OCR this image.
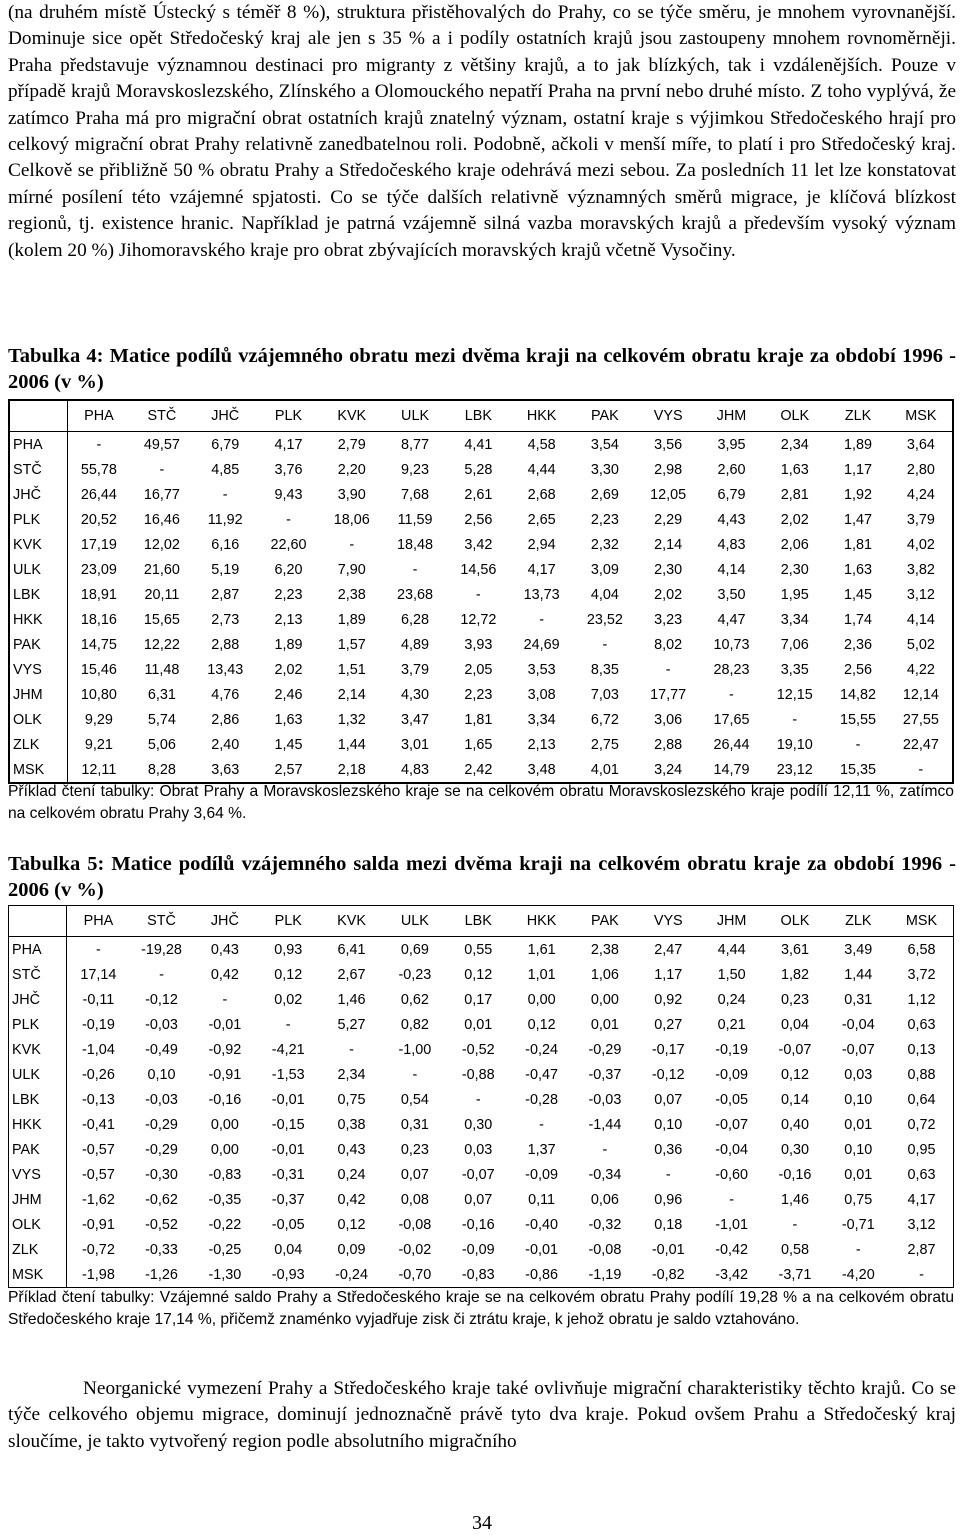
(na druhém místě Ústecký s téměř 8 %), struktura přistěhovalých do Prahy, co se týče směru, je mnohem vyrovnanější. Dominuje sice opět Středočeský kraj ale jen s 35 % a i podíly ostatních krajů jsou zastoupeny mnohem rovnoměrněji. Praha představuje významnou destinaci pro migranty z většiny krajů, a to jak blízkých, tak i vzdálenějších. Pouze v případě krajů Moravskoslezského, Zlínského a Olomouckého nepatří Praha na první nebo druhé místo. Z toho vyplývá, že zatímco Praha má pro migrační obrat ostatních krajů znatelný význam, ostatní kraje s výjimkou Středočeského hrají pro celkový migrační obrat Prahy relativně zanedbatelnou roli. Podobně, ačkoli v menší míře, to platí i pro Středočeský kraj. Celkově se přibližně 50 % obratu Prahy a Středočeského kraje odehrává mezi sebou. Za posledních 11 let lze konstatovat mírné posílení této vzájemné spjatosti. Co se týče dalších relativně významných směrů migrace, je klíčová blízkost regionů, tj. existence hranic. Například je patrná vzájemně silná vazba moravských krajů a především vysoký význam (kolem 20 %) Jihomoravského kraje pro obrat zbývajících moravských krajů včetně Vysočiny.

Tabulka 4: Matice podílů vzájemného obratu mezi dvěma kraji na celkovém obratu kraje za období 1996 - 2006 (v %)

	PHA	STČ	JHČ	PLK	KVK	ULK	LBK	HKK	PAK	VYS	JHM	OLK	ZLK	MSK
PHA	-	49,57	6,79	4,17	2,79	8,77	4,41	4,58	3,54	3,56	3,95	2,34	1,89	3,64
STČ	55,78	-	4,85	3,76	2,20	9,23	5,28	4,44	3,30	2,98	2,60	1,63	1,17	2,80
JHČ	26,44	16,77	-	9,43	3,90	7,68	2,61	2,68	2,69	12,05	6,79	2,81	1,92	4,24
PLK	20,52	16,46	11,92	-	18,06	11,59	2,56	2,65	2,23	2,29	4,43	2,02	1,47	3,79
KVK	17,19	12,02	6,16	22,60	-	18,48	3,42	2,94	2,32	2,14	4,83	2,06	1,81	4,02
ULK	23,09	21,60	5,19	6,20	7,90	-	14,56	4,17	3,09	2,30	4,14	2,30	1,63	3,82
LBK	18,91	20,11	2,87	2,23	2,38	23,68	-	13,73	4,04	2,02	3,50	1,95	1,45	3,12
HKK	18,16	15,65	2,73	2,13	1,89	6,28	12,72	-	23,52	3,23	4,47	3,34	1,74	4,14
PAK	14,75	12,22	2,88	1,89	1,57	4,89	3,93	24,69	-	8,02	10,73	7,06	2,36	5,02
VYS	15,46	11,48	13,43	2,02	1,51	3,79	2,05	3,53	8,35	-	28,23	3,35	2,56	4,22
JHM	10,80	6,31	4,76	2,46	2,14	4,30	2,23	3,08	7,03	17,77	-	12,15	14,82	12,14
OLK	9,29	5,74	2,86	1,63	1,32	3,47	1,81	3,34	6,72	3,06	17,65	-	15,55	27,55
ZLK	9,21	5,06	2,40	1,45	1,44	3,01	1,65	2,13	2,75	2,88	26,44	19,10	-	22,47
MSK	12,11	8,28	3,63	2,57	2,18	4,83	2,42	3,48	4,01	3,24	14,79	23,12	15,35	-

Příklad čtení tabulky: Obrat Prahy a Moravskoslezského kraje se na celkovém obratu Moravskoslezského kraje podílí 12,11 %, zatímco na celkovém obratu Prahy 3,64 %.

Tabulka 5: Matice podílů vzájemného salda mezi dvěma kraji na celkovém obratu kraje za období 1996 - 2006 (v %)

	PHA	STČ	JHČ	PLK	KVK	ULK	LBK	HKK	PAK	VYS	JHM	OLK	ZLK	MSK
PHA	-	-19,28	0,43	0,93	6,41	0,69	0,55	1,61	2,38	2,47	4,44	3,61	3,49	6,58
STČ	17,14	-	0,42	0,12	2,67	-0,23	0,12	1,01	1,06	1,17	1,50	1,82	1,44	3,72
JHČ	-0,11	-0,12	-	0,02	1,46	0,62	0,17	0,00	0,00	0,92	0,24	0,23	0,31	1,12
PLK	-0,19	-0,03	-0,01	-	5,27	0,82	0,01	0,12	0,01	0,27	0,21	0,04	-0,04	0,63
KVK	-1,04	-0,49	-0,92	-4,21	-	-1,00	-0,52	-0,24	-0,29	-0,17	-0,19	-0,07	-0,07	0,13
ULK	-0,26	0,10	-0,91	-1,53	2,34	-	-0,88	-0,47	-0,37	-0,12	-0,09	0,12	0,03	0,88
LBK	-0,13	-0,03	-0,16	-0,01	0,75	0,54	-	-0,28	-0,03	0,07	-0,05	0,14	0,10	0,64
HKK	-0,41	-0,29	0,00	-0,15	0,38	0,31	0,30	-	-1,44	0,10	-0,07	0,40	0,01	0,72
PAK	-0,57	-0,29	0,00	-0,01	0,43	0,23	0,03	1,37	-	0,36	-0,04	0,30	0,10	0,95
VYS	-0,57	-0,30	-0,83	-0,31	0,24	0,07	-0,07	-0,09	-0,34	-	-0,60	-0,16	0,01	0,63
JHM	-1,62	-0,62	-0,35	-0,37	0,42	0,08	0,07	0,11	0,06	0,96	-	1,46	0,75	4,17
OLK	-0,91	-0,52	-0,22	-0,05	0,12	-0,08	-0,16	-0,40	-0,32	0,18	-1,01	-	-0,71	3,12
ZLK	-0,72	-0,33	-0,25	0,04	0,09	-0,02	-0,09	-0,01	-0,08	-0,01	-0,42	0,58	-	2,87
MSK	-1,98	-1,26	-1,30	-0,93	-0,24	-0,70	-0,83	-0,86	-1,19	-0,82	-3,42	-3,71	-4,20	-

Příklad čtení tabulky: Vzájemné saldo Prahy a Středočeského kraje se na celkovém obratu Prahy podílí 19,28 % a na celkovém obratu Středočeského kraje 17,14 %, přičemž znaménko vyjadřuje zisk či ztrátu kraje, k jehož obratu je saldo vztahováno.

Neorganické vymezení Prahy a Středočeského kraje také ovlivňuje migrační charakteristiky těchto krajů. Co se týče celkového objemu migrace, dominují jednoznačně právě tyto dva kraje. Pokud ovšem Prahu a Středočeský kraj sloučíme, je takto vytvořený region podle absolutního migračního

34
